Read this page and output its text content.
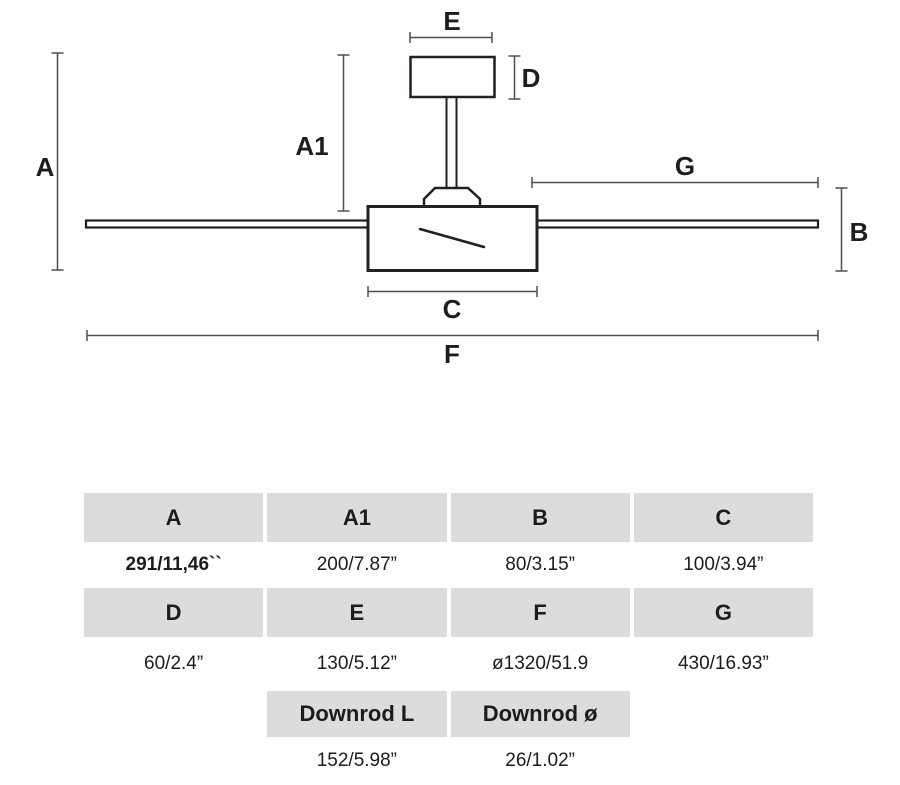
A
A1
E
D
G
B
C
F
A	A1	B	C
291/11,46``	200/7.87”	80/3.15”	100/3.94”
D	E	F	G
60/2.4”	130/5.12”	ø1320/51.9	430/16.93”
Downrod L	Downrod ø
152/5.98”	26/1.02”
